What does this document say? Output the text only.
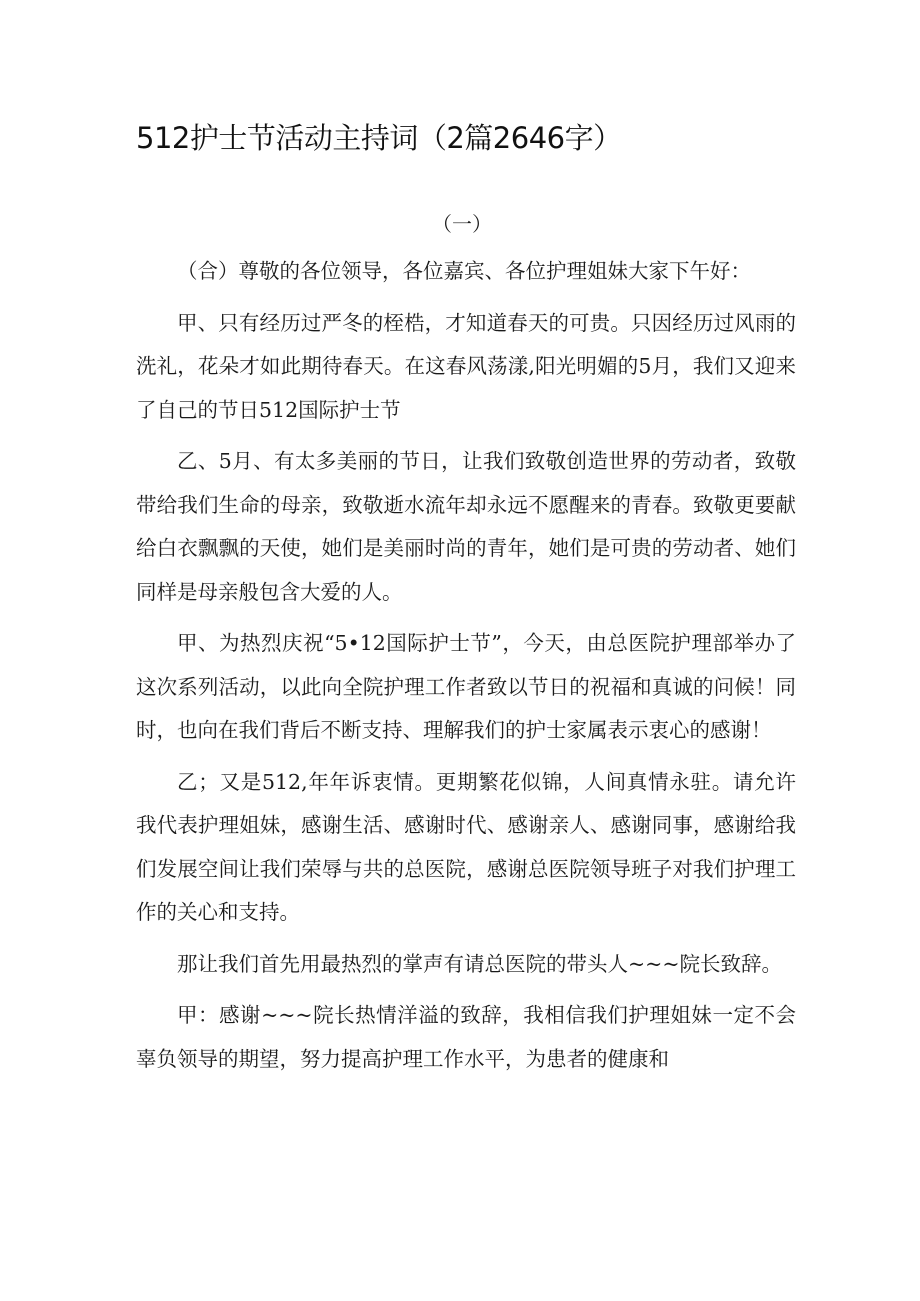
512护士节活动主持词（2篇2646字）
（一）

（合）尊敬的各位领导，各位嘉宾、各位护理姐妹大家下午好：

甲、只有经历过严冬的桎梏，才知道春天的可贵。只因经历过风雨的洗礼，花朵才如此期待春天。在这春风荡漾,阳光明媚的5月，我们又迎来了自己的节日512国际护士节

乙、5月、有太多美丽的节日，让我们致敬创造世界的劳动者，致敬带给我们生命的母亲，致敬逝水流年却永远不愿醒来的青春。致敬更要献给白衣飘飘的天使，她们是美丽时尚的青年，她们是可贵的劳动者、她们同样是母亲般包含大爱的人。

甲、为热烈庆祝“5•12国际护士节”，今天，由总医院护理部举办了这次系列活动，以此向全院护理工作者致以节日的祝福和真诚的问候！同时，也向在我们背后不断支持、理解我们的护士家属表示衷心的感谢！

乙；又是512,年年诉衷情。更期繁花似锦，人间真情永驻。请允许我代表护理姐妹，感谢生活、感谢时代、感谢亲人、感谢同事，感谢给我们发展空间让我们荣辱与共的总医院，感谢总医院领导班子对我们护理工作的关心和支持。

那让我们首先用最热烈的掌声有请总医院的带头人~~~院长致辞。

甲：感谢~~~院长热情洋溢的致辞，我相信我们护理姐妹一定不会辜负领导的期望，努力提高护理工作水平，为患者的健康和
